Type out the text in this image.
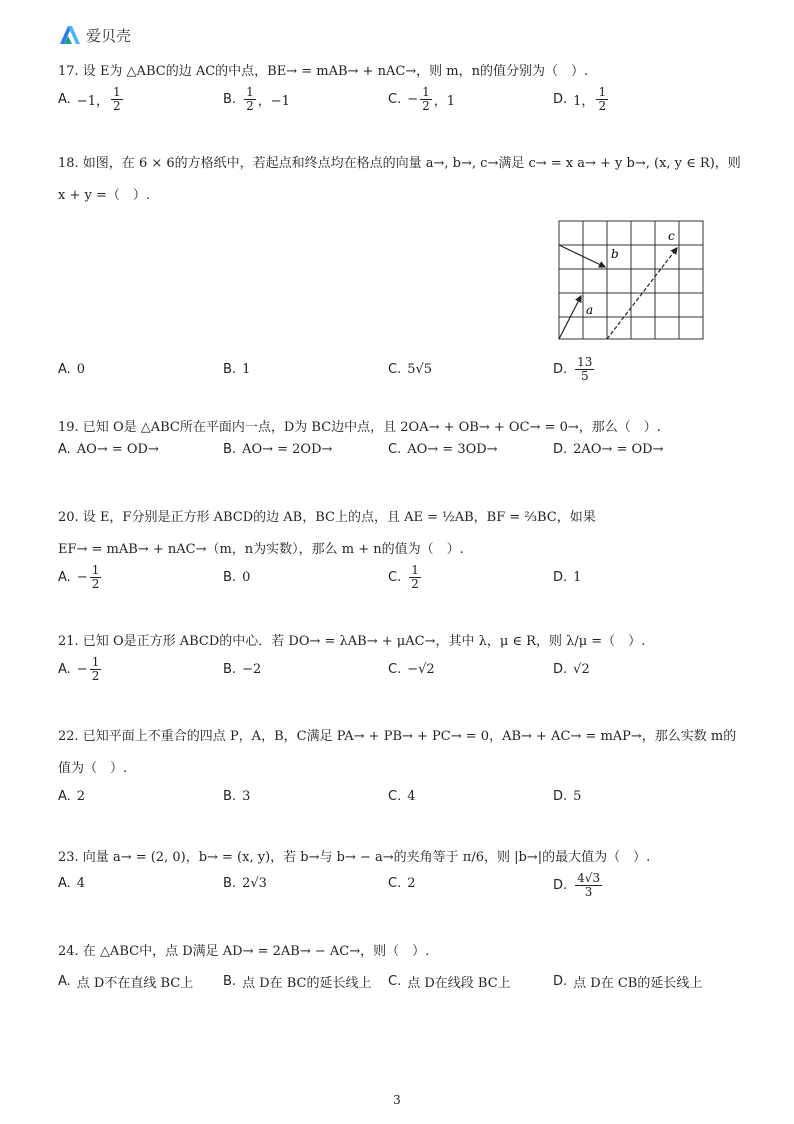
爱贝壳
17. 设 E为 △ABC的边 AC的中点，BE→ = mAB→ + nAC→，则 m，n的值分别为（　）.
A. −1， $\frac{1}{2}$	B. $\frac{1}{2}$ ，−1	C. − $\frac{1}{2}$ ，1	D. 1， $\frac{1}{2}$
18. 如图，在 6 × 6的方格纸中，若起点和终点均在格点的向量 a→, b→, c→满足 c→ = x a→ + y b→, (x, y ∈ R)，则
x + y =（　）.
a
b
c
A. 0	B. 1	C. 5√5	D. $\frac{13}{5}$
19. 已知 O是 △ABC所在平面内一点，D为 BC边中点，且 2OA→ + OB→ + OC→ = 0→，那么（　）.
A. AO→ = OD→	B. AO→ = 2OD→	C. AO→ = 3OD→	D. 2AO→ = OD→
20. 设 E，F分别是正方形 ABCD的边 AB，BC上的点，且 AE = ½AB，BF = ⅔BC，如果
EF→ = mAB→ + nAC→（m，n为实数），那么 m + n的值为（　）.
A. − $\frac{1}{2}$	B. 0	C. $\frac{1}{2}$	D. 1
21. 已知 O是正方形 ABCD的中心．若 DO→ = λAB→ + μAC→，其中 λ，μ ∈ R，则 λ/μ =（　）.
A. − $\frac{1}{2}$	B. −2	C. −√2	D. √2
22. 已知平面上不重合的四点 P，A，B，C满足 PA→ + PB→ + PC→ = 0，AB→ + AC→ = mAP→，那么实数 m的
值为（　）.
A. 2	B. 3	C. 4	D. 5
23. 向量 a→ = (2, 0)，b→ = (x, y)，若 b→与 b→ − a→的夹角等于 π/6，则 |b→|的最大值为（　）.
A. 4	B. 2√3	C. 2	D. $\frac{4√3}{3}$
24. 在 △ABC中，点 D满足 AD→ = 2AB→ − AC→，则（　）.
A. 点 D不在直线 BC上 B. 点 D在 BC的延长线上 C. 点 D在线段 BC上	D. 点 D在 CB的延长线上
3
